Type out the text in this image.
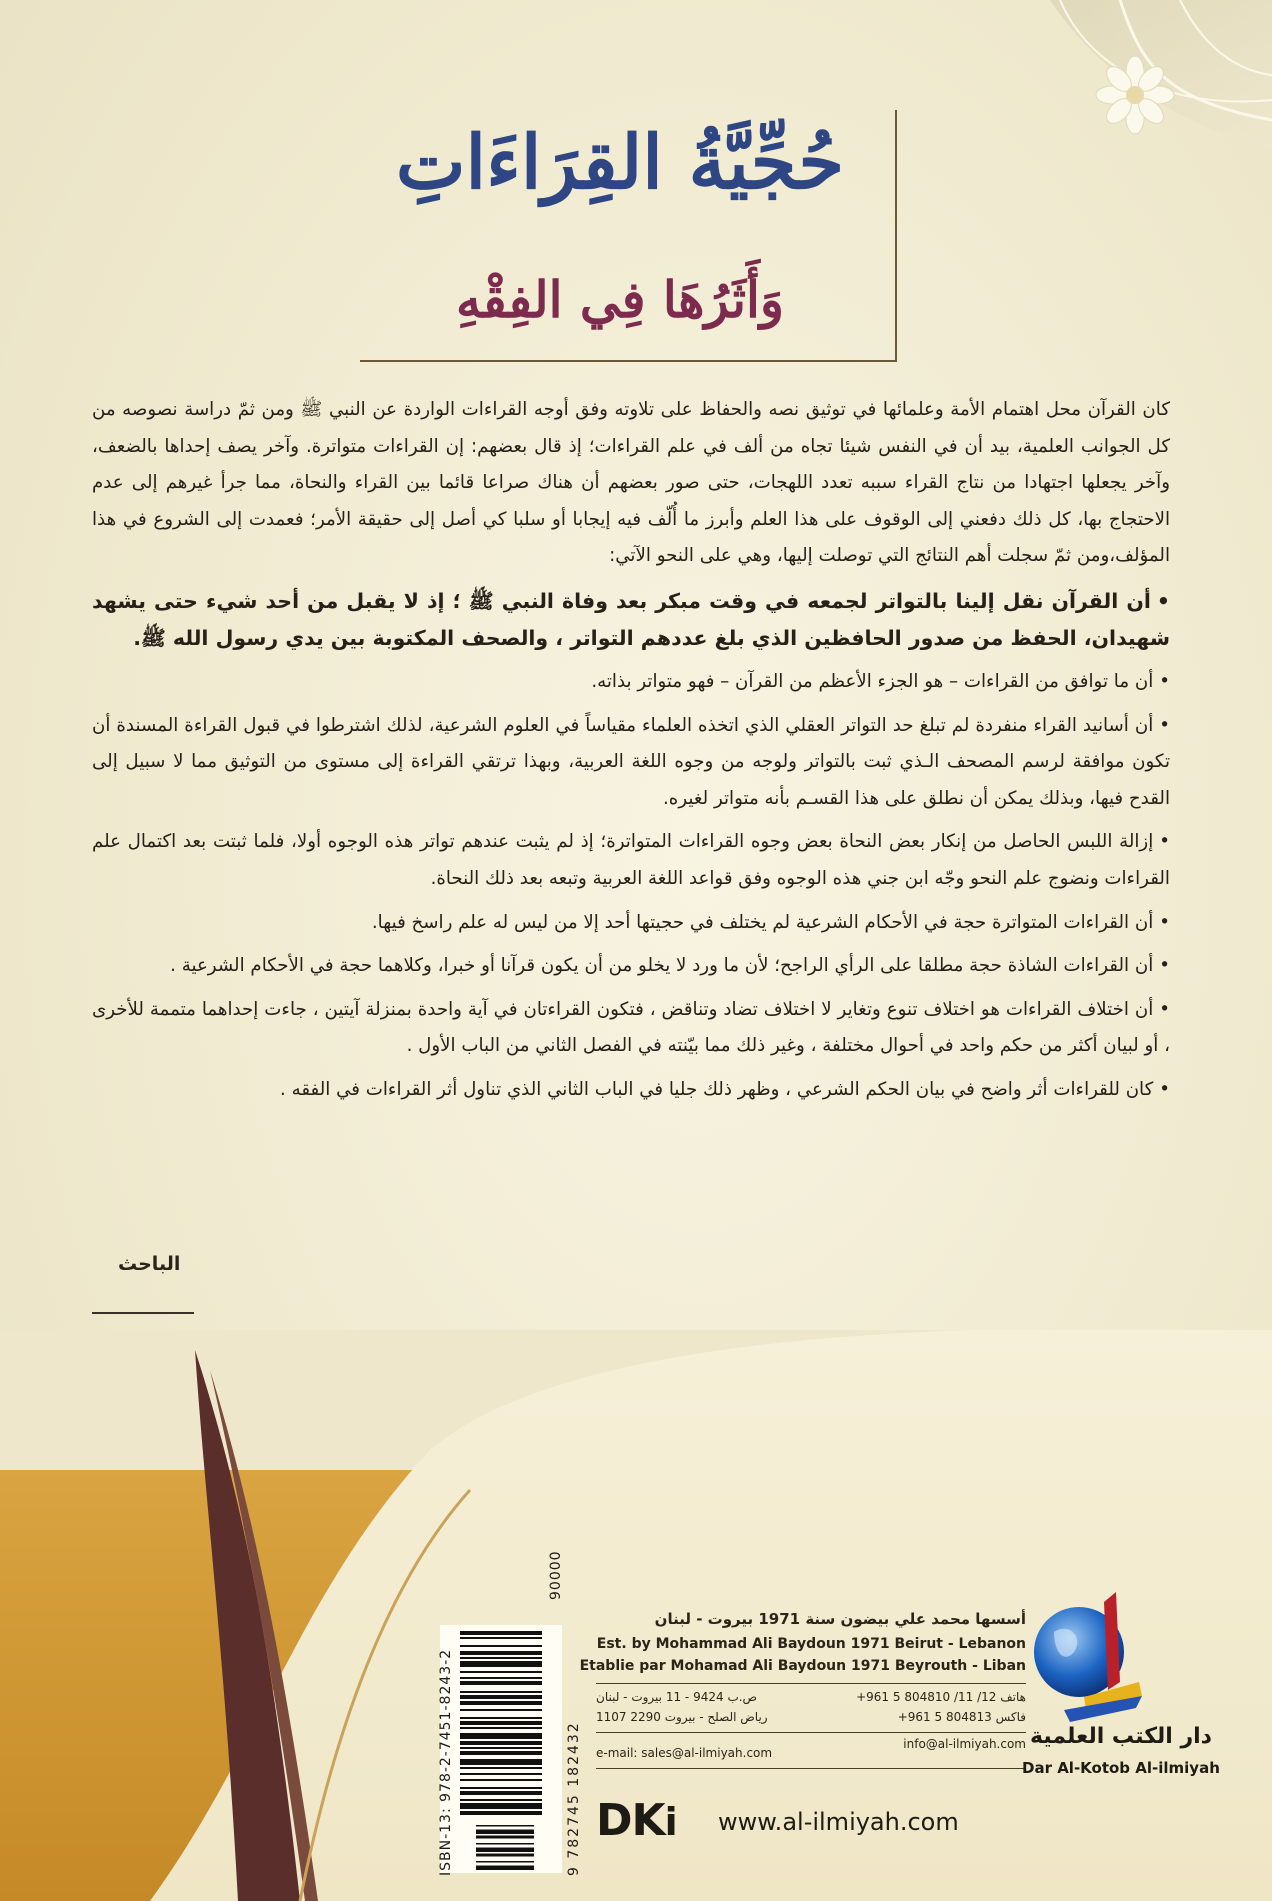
حُجِّيَّةُ القِرَاءَاتِ
وَأَثَرُهَا فِي الفِقْهِ

كان القرآن محل اهتمام الأمة وعلمائها في توثيق نصه والحفاظ على تلاوته وفق أوجه القراءات الواردة عن النبي ﷺ ومن ثمّ دراسة نصوصه من كل الجوانب العلمية، بيد أن في النفس شيئا تجاه من ألف في علم القراءات؛ إذ قال بعضهم: إن القراءات متواترة. وآخر يصف إحداها بالضعف، وآخر يجعلها اجتهادا من نتاج القراء سببه تعدد اللهجات، حتى صور بعضهم أن هناك صراعا قائما بين القراء والنحاة، مما جرأ غيرهم إلى عدم الاحتجاج بها، كل ذلك دفعني إلى الوقوف على هذا العلم وأبرز ما أُلّف فيه إيجابا أو سلبا كي أصل إلى حقيقة الأمر؛ فعمدت إلى الشروع في هذا المؤلف،ومن ثمّ سجلت أهم النتائج التي توصلت إليها، وهي على النحو الآتي:

•أن القرآن نقل إلينا بالتواتر لجمعه في وقت مبكر بعد وفاة النبي ﷺ ؛ إذ لا يقبل من أحد شيء حتى يشهد شهيدان، الحفظ من صدور الحافظين الذي بلغ عددهم التواتر ، والصحف المكتوبة بين يدي رسول الله ﷺ.

•أن ما توافق من القراءات – هو الجزء الأعظم من القرآن – فهو متواتر بذاته.

•أن أسانيد القراء منفردة لم تبلغ حد التواتر العقلي الذي اتخذه العلماء مقياساً في العلوم الشرعية، لذلك اشترطوا في قبول القراءة المسندة أن تكون موافقة لرسم المصحف الـذي ثبت بالتواتر ولوجه من وجوه اللغة العربية، وبهذا ترتقي القراءة إلى مستوى من التوثيق مما لا سبيل إلى القدح فيها، وبذلك يمكن أن نطلق على هذا القسـم بأنه متواتر لغيره.

•إزالة اللبس الحاصل من إنكار بعض النحاة بعض وجوه القراءات المتواترة؛ إذ لم يثبت عندهم تواتر هذه الوجوه أولا، فلما ثبتت بعد اكتمال علم القراءات ونضوج علم النحو وجّه ابن جني هذه الوجوه وفق قواعد اللغة العربية وتبعه بعد ذلك النحاة.

•أن القراءات المتواترة حجة في الأحكام الشرعية لم يختلف في حجيتها أحد إلا من ليس له علم راسخ فيها.

•أن القراءات الشاذة حجة مطلقا على الرأي الراجح؛ لأن ما ورد لا يخلو من أن يكون قرآنا أو خبرا، وكلاهما حجة في الأحكام الشرعية .

•أن اختلاف القراءات هو اختلاف تنوع وتغاير لا اختلاف تضاد وتناقض ، فتكون القراءتان في آية واحدة بمنزلة آيتين ، جاءت إحداهما متممة للأخرى ، أو لبيان أكثر من حكم واحد في أحوال مختلفة ، وغير ذلك مما بيّنته في الفصل الثاني من الباب الأول .

•كان للقراءات أثر واضح في بيان الحكم الشرعي ، وظهر ذلك جليا في الباب الثاني الذي تناول أثر القراءات في الفقه .

الباحث
ISBN-13: 978-2-7451-8243-2
90000
9 782745 182432
أسسها محمد علي بيضون سنة 1971 بيروت - لبنان
Est. by Mohammad Ali Baydoun 1971 Beirut - Lebanon
Etablie par Mohamad Ali Baydoun 1971 Beyrouth - Liban
هاتف 12/ 11/ 804810 5 961+
ص.ب 9424 - 11 بيروت - لبنان
فاكس 804813 5 961+
رياض الصلح - بيروت 2290 1107
e-mail: sales@al-ilmiyah.com
info@al-ilmiyah.com
DKi www.al-ilmiyah.com
دار الكتب العلمية
Dar Al-Kotob Al-ilmiyah
